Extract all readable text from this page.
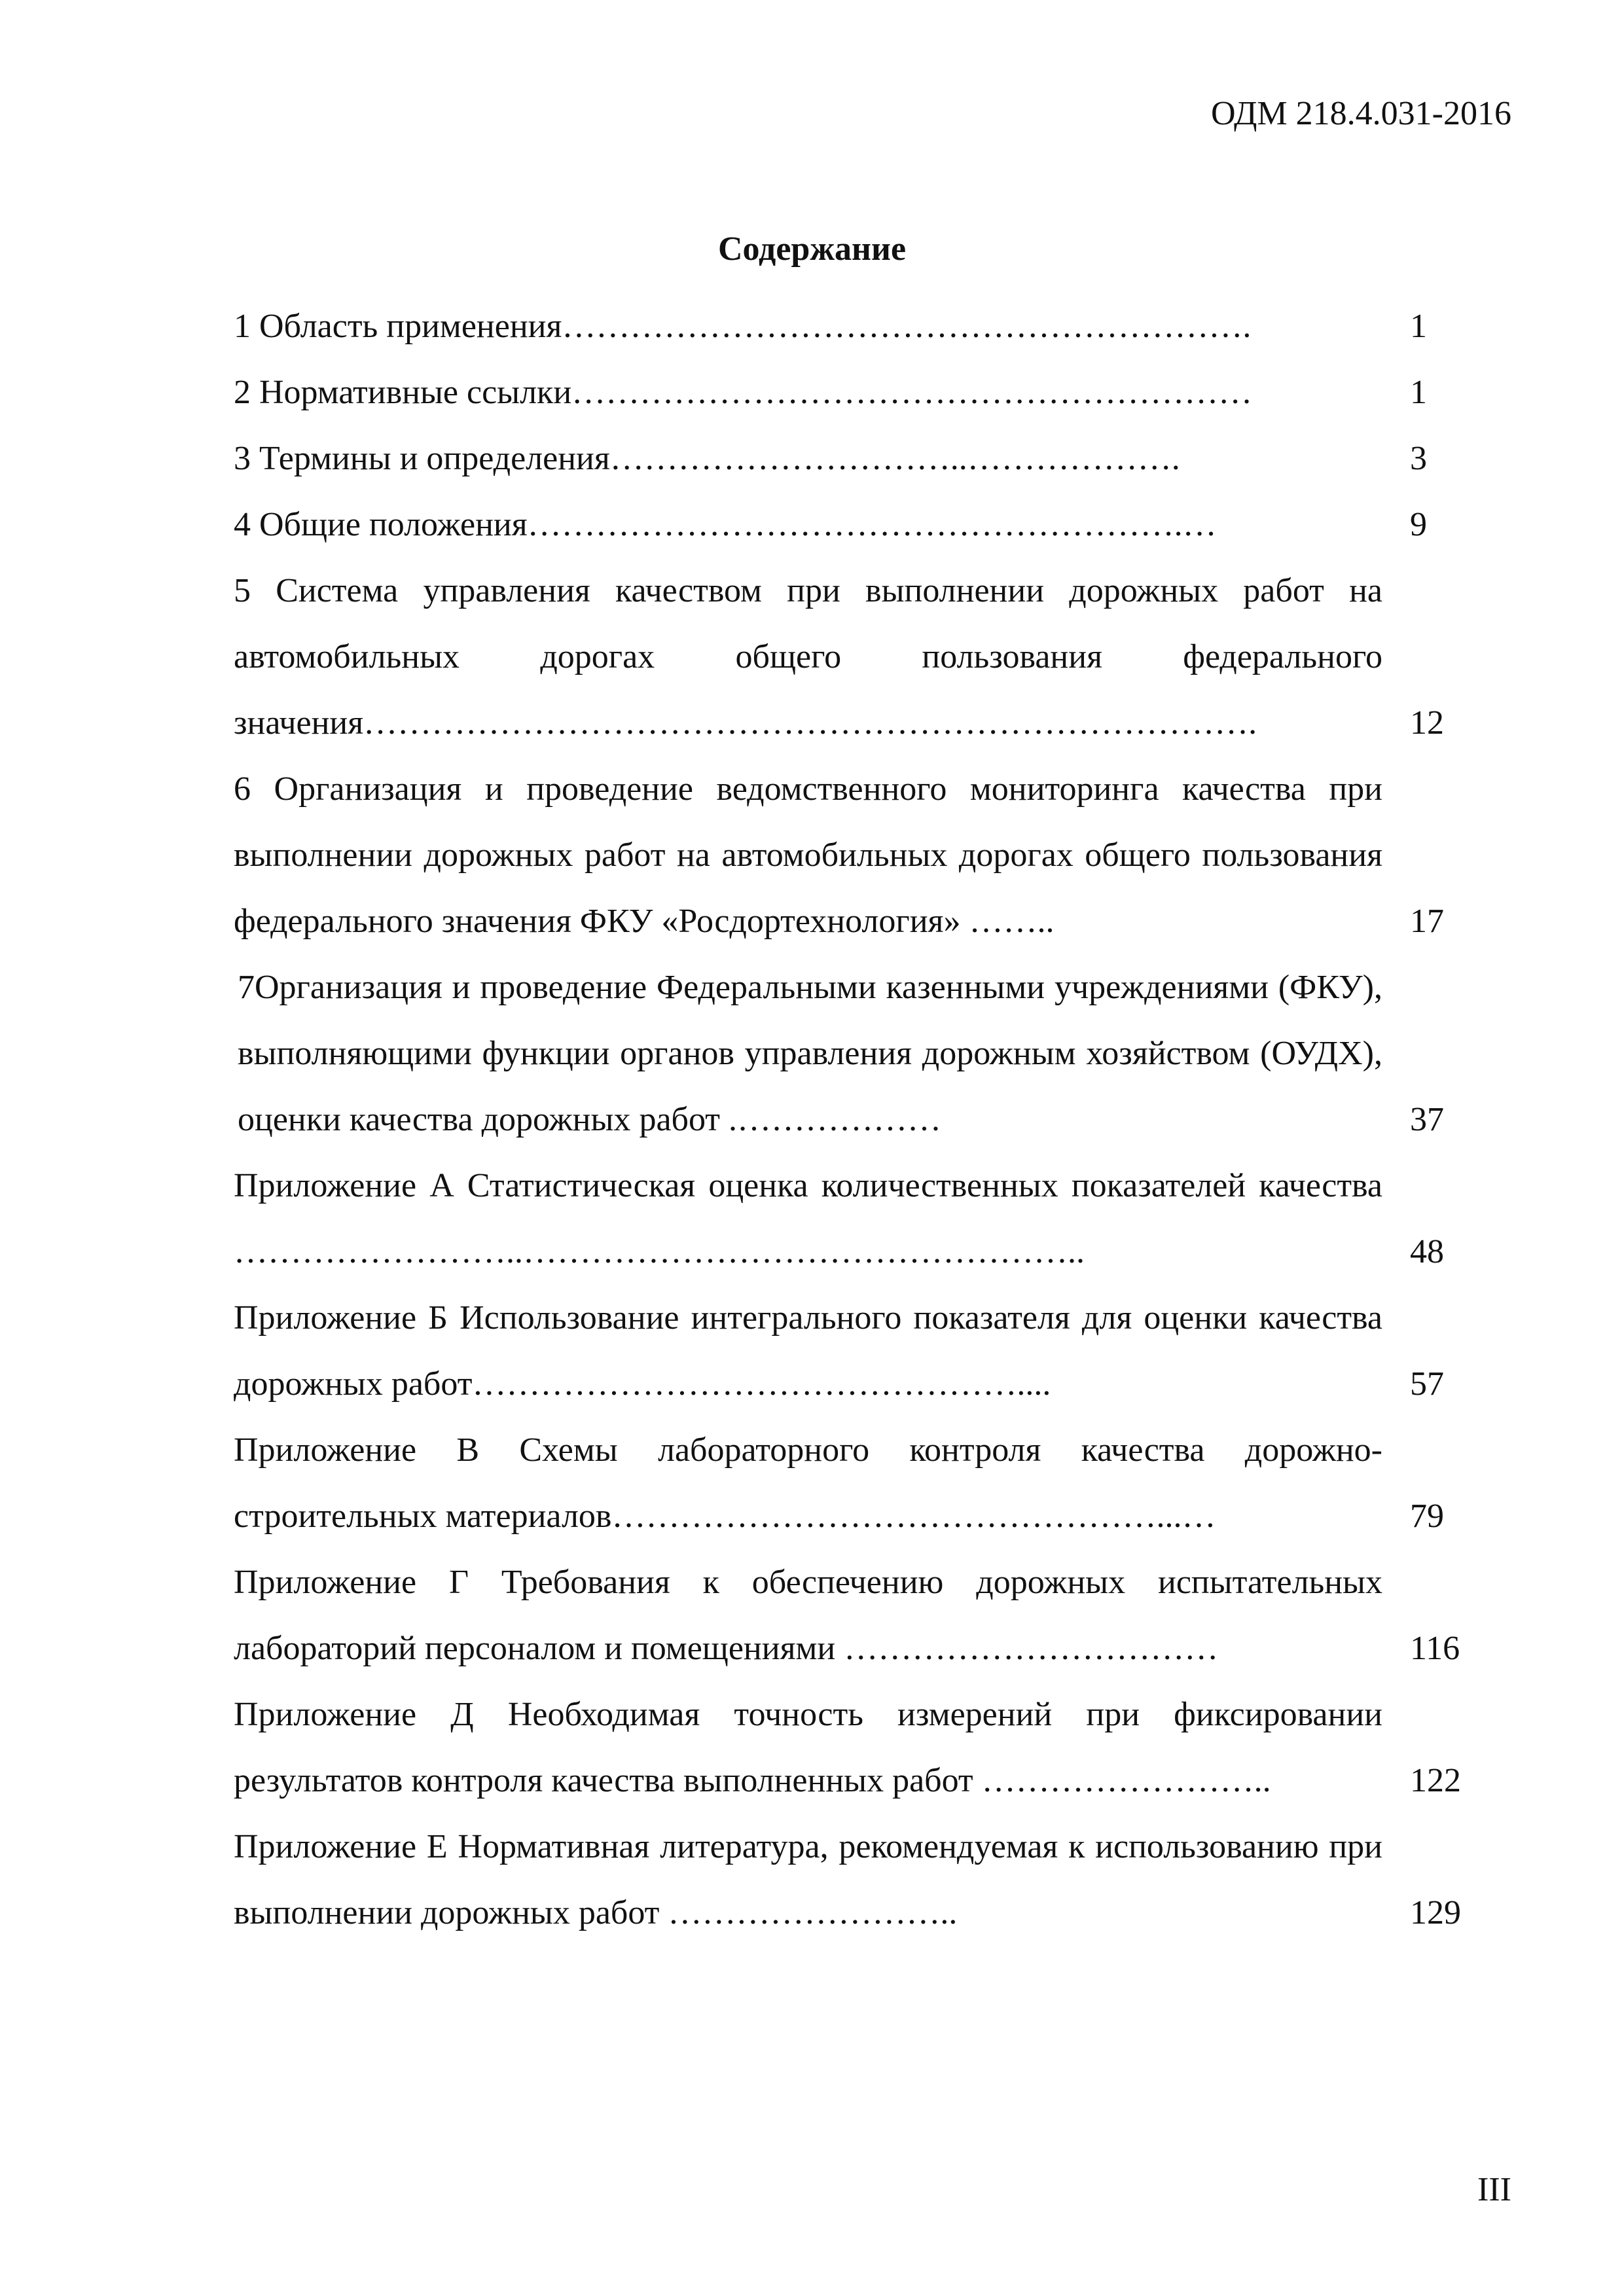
ОДМ 218.4.031-2016
Содержание
1 Область применения…………………………………………………….	1
2 Нормативные ссылки……………………………………………………	1
3 Термины и определения…………………………..……………….	3
4 Общие положения………………………………………………….…	9
5 Система управления качеством при выполнении дорожных работ на автомобильных дорогах общего пользования федерального значения…………………………………………………………………….	12
6 Организация и проведение ведомственного мониторинга качества при выполнении дорожных работ на автомобильных дорогах общего пользования федерального значения ФКУ «Росдортехнология» ……..	17
7Организация и проведение Федеральными казенными учреждениями (ФКУ), выполняющими функции органов управления дорожным хозяйством (ОУДХ), оценки качества дорожных работ .………………	37
Приложение А Статистическая оценка количественных показателей качества ……………………..…………………………………………..	48
Приложение Б Использование интегрального показателя для оценки качества дорожных работ…………………………………………....	57
Приложение В Схемы лабораторного контроля качества дорожно-строительных материалов…………………………………………...…	79
Приложение Г Требования к обеспечению дорожных испытательных лабораторий персоналом и помещениями ……………………………	116
Приложение Д Необходимая точность измерений при фиксировании результатов контроля качества выполненных работ ……………………..	122
Приложение Е Нормативная литература, рекомендуемая к использованию при выполнении дорожных работ ……………………..	129
III
